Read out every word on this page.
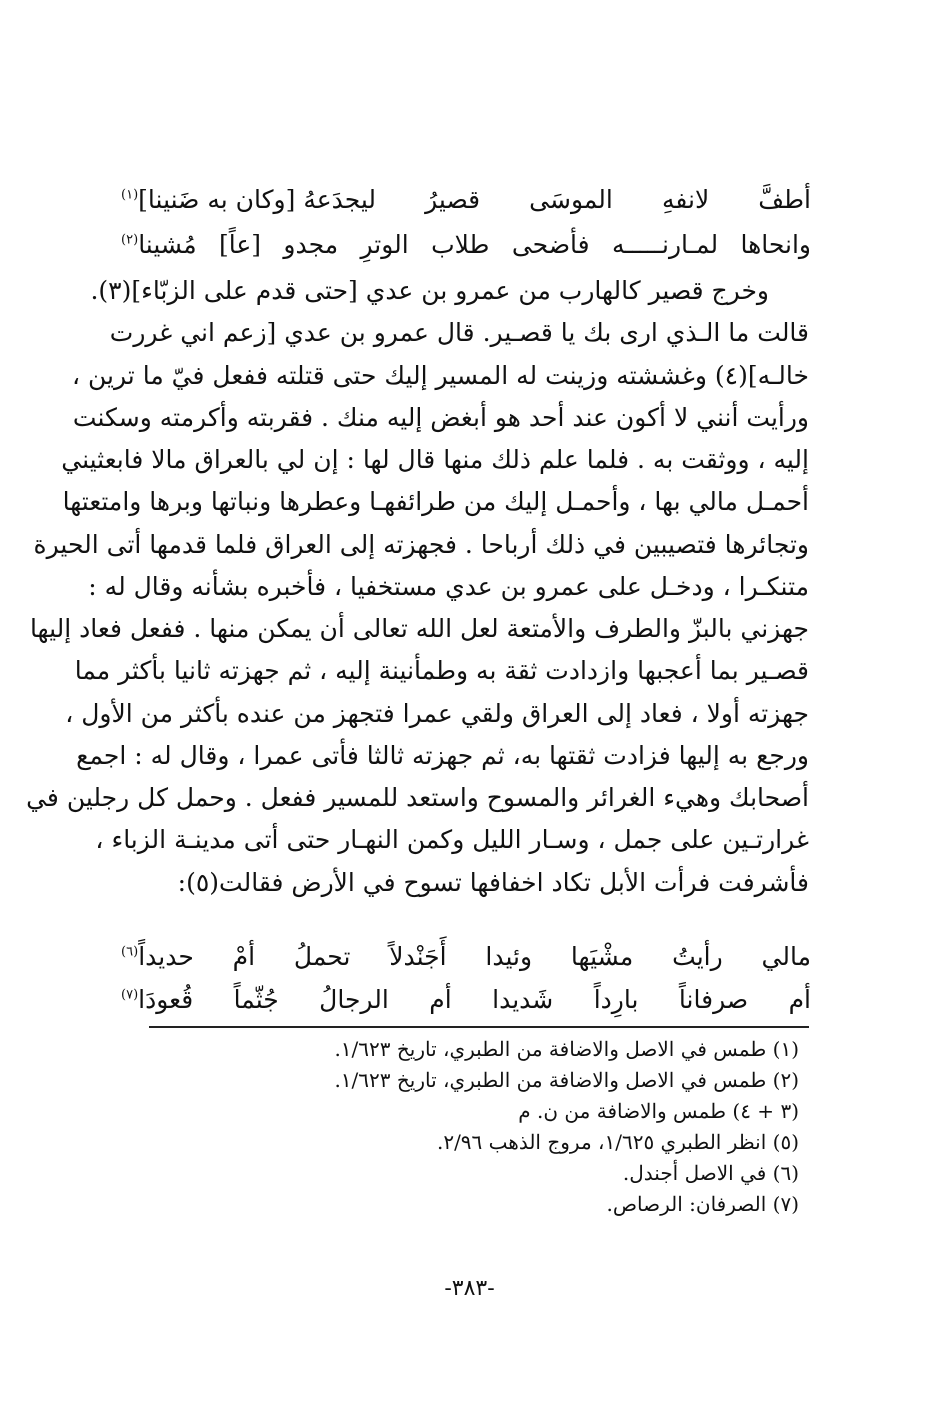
أطفَّ
لانفهِ
الموسَى
قصيرُ
ليجدَعهُ [وكان به ضَنينا]$^{(١)}$
وانحاها
لمـارنـــــه
فأضحى
طلاب
الوترِ
مجدو
[عاً]
مُشينا$^{(٢)}$
وخرج قصير كالهارب من عمرو بن عدي [حتى قدم على الزبّاء](٣).
قالت ما الـذي ارى بك يا قصـير. قال عمرو بن عدي [زعم اني غررت
خالـه](٤) وغششته وزينت له المسير إليك حتى قتلته ففعل فيّ ما ترين ،
ورأيت أنني لا أكون عند أحد هو أبغض إليه منك . فقربته وأكرمته وسكنت
إليه ، ووثقت به . فلما علم ذلك منها قال لها : إن لي بالعراق مالا فابعثيني
أحمـل مالي بها ، وأحمـل إليك من طرائفهـا وعطرها ونباتها وبرها وامتعتها
وتجائرها فتصيبين في ذلك أرباحا . فجهزته إلى العراق فلما قدمها أتى الحيرة
متنكـرا ، ودخـل على عمرو بن عدي مستخفيا ، فأخبره بشأنه وقال له :
جهزني بالبزّ والطرف والأمتعة لعل الله تعالى أن يمكن منها . ففعل فعاد إليها
قصـير بما أعجبها وازدادت ثقة به وطمأنينة إليه ، ثم جهزته ثانيا بأكثر مما
جهزته أولا ، فعاد إلى العراق ولقي عمرا فتجهز من عنده بأكثر من الأول ،
ورجع به إليها فزادت ثقتها به، ثم جهزته ثالثا فأتى عمرا ، وقال له : اجمع
أصحابك وهيء الغرائر والمسوح واستعد للمسير ففعل . وحمل كل رجلين في
غرارتـين على جمل ، وسـار الليل وكمن النهـار حتى أتى مدينـة الزباء ،
فأشرفت فرأت الأبل تكاد اخفافها تسوح في الأرض فقالت(٥):
مالي
رأيتُ
مشْيَها
وئيدا
أَجَنْدلاً
تحملُ
أمْ
حديداً$^{(٦)}$
أم
صرفاناً
بارِداً
شَديدا
أم
الرجالُ
جُثّماً
قُعودَا$^{(٧)}$
(١) طمس في الاصل والاضافة من الطبري، تاريخ ١/٦٢٣.
(٢) طمس في الاصل والاضافة من الطبري، تاريخ ١/٦٢٣.
(٣ + ٤) طمس والاضافة من ن. م
(٥) انظر الطبري ١/٦٢٥، مروج الذهب ٢/٩٦.
(٦) في الاصل أجندل.
(٧) الصرفان: الرصاص.
-٣٨٣-
